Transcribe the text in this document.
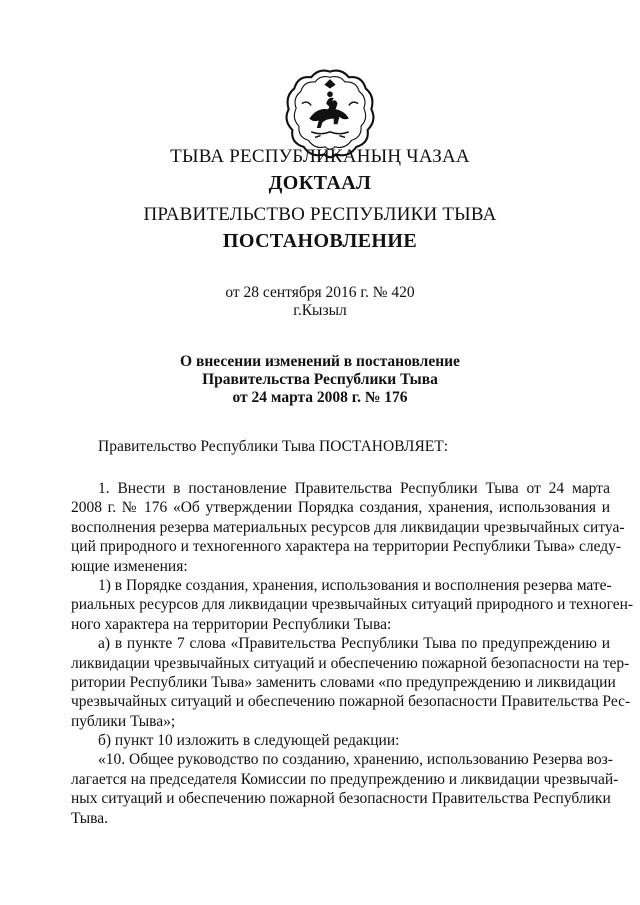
ТЫВА РЕСПУБЛИКАНЫҢ ЧАЗАА
ДОКТААЛ
ПРАВИТЕЛЬСТВО РЕСПУБЛИКИ ТЫВА
ПОСТАНОВЛЕНИЕ
от 28 сентября 2016 г. № 420
г.Кызыл
О внесении изменений в постановление
Правительства Республики Тыва
от 24 марта 2008 г. № 176
Правительство Республики Тыва ПОСТАНОВЛЯЕТ:
1. Внести в постановление Правительства Республики Тыва от 24 марта
2008 г. № 176 «Об утверждении Порядка создания, хранения, использования и
восполнения резерва материальных ресурсов для ликвидации чрезвычайных ситуа-
ций природного и техногенного характера на территории Республики Тыва» следу-
ющие изменения:
1) в Порядке создания, хранения, использования и восполнения резерва мате-
риальных ресурсов для ликвидации чрезвычайных ситуаций природного и техноген-
ного характера на территории Республики Тыва:
а) в пункте 7 слова «Правительства Республики Тыва по предупреждению и
ликвидации чрезвычайных ситуаций и обеспечению пожарной безопасности на тер-
ритории Республики Тыва» заменить словами «по предупреждению и ликвидации
чрезвычайных ситуаций и обеспечению пожарной безопасности Правительства Рес-
публики Тыва»;
б) пункт 10 изложить в следующей редакции:
«10. Общее руководство по созданию, хранению, использованию Резерва воз-
лагается на председателя Комиссии по предупреждению и ликвидации чрезвычай-
ных ситуаций и обеспечению пожарной безопасности Правительства Республики
Тыва.
